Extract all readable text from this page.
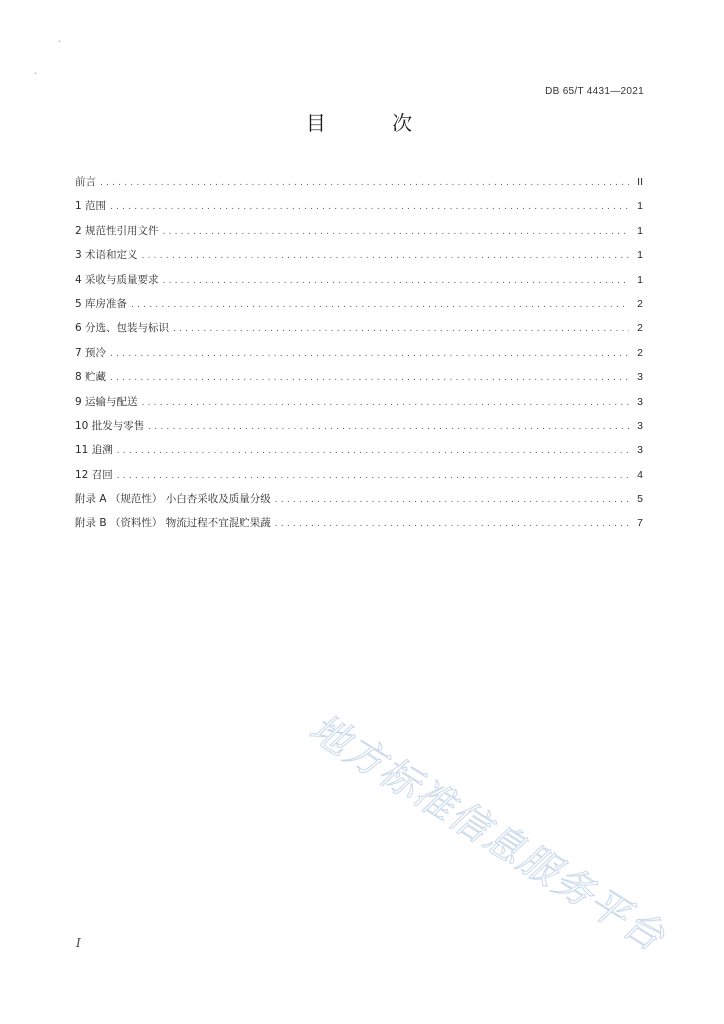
ˋ
ˋ
DB 65/T 4431—2021
目 次
前言 .....	II
1 范围 .....	1
2 规范性引用文件 .....	1
3 术语和定义 .....	1
4 采收与质量要求 .....	1
5 库房准备 .....	2
6 分选、包装与标识 .....	2
7 预冷 .....	2
8 贮藏 .....	3
9 运输与配送 .....	3
10 批发与零售 .....	3
11 追溯 .....	3
12 召回 .....	4
附录 A （规范性） 小白杏采收及质量分级 .....	5
附录 B （资料性） 物流过程不宜混贮果蔬 .....	7
地方标准信息服务平台
I
